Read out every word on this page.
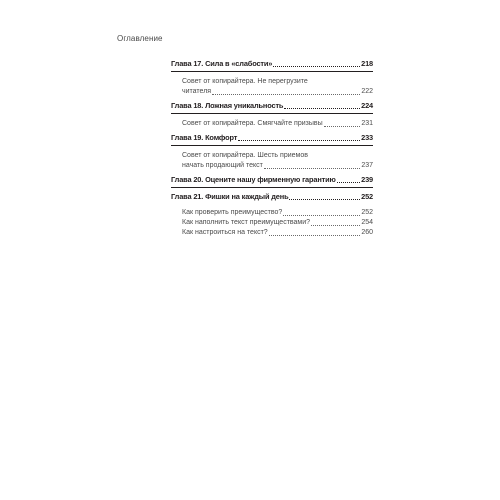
Оглавление
Глава 17. Сила в «слабости»	218
Совет от копирайтера. Не перегрузите
читателя	222
Глава 18. Ложная уникальность	224
Совет от копирайтера. Смягчайте призывы	231
Глава 19. Комфорт	233
Совет от копирайтера. Шесть приемов
начать продающий текст	237
Глава 20. Оцените нашу фирменную гарантию	239
Глава 21. Фишки на каждый день	252
Как проверить преимущество?	252
Как наполнить текст преимуществами?	254
Как настроиться на текст?	260
